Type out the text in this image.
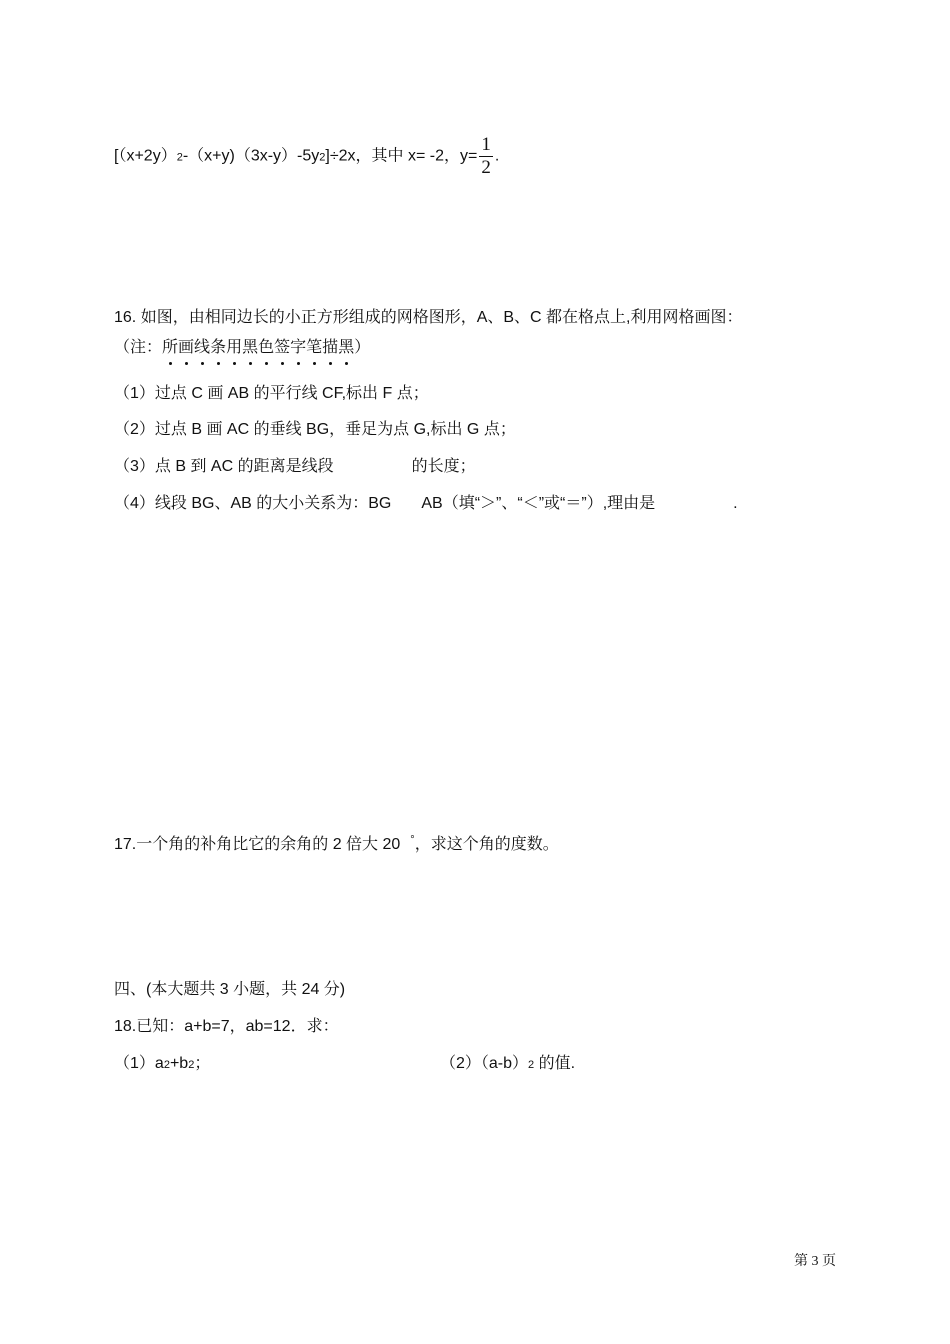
[（x+2y）2-（x+y)（3x-y）-5y2]÷2x，其中 x= -2，$y= \frac{1}{2}$ .
16. 如图，由相同边长的小正方形组成的网格图形，A、B、C 都在格点上,利用网格画图：
（注：所画线条用黑色签字笔描黑）
（1）过点 C 画 AB 的平行线 CF,标出 F 点；
（2）过点 B 画 AC 的垂线 BG，垂足为点 G,标出 G 点；
（3）点 B 到 AC 的距离是线段	的长度；
（4）线段 BG、AB 的大小关系为：BG AB（填“＞”、“＜”或“＝”）,理由是	.
17.一个角的补角比它的余角的 2 倍大 20 °，求这个角的度数。
四、(本大题共 3 小题，共 24 分)
18.已知：a+b=7，ab=12．求：
（1）a2+b2；	（2）（a-b）2 的值.
第 3 页
